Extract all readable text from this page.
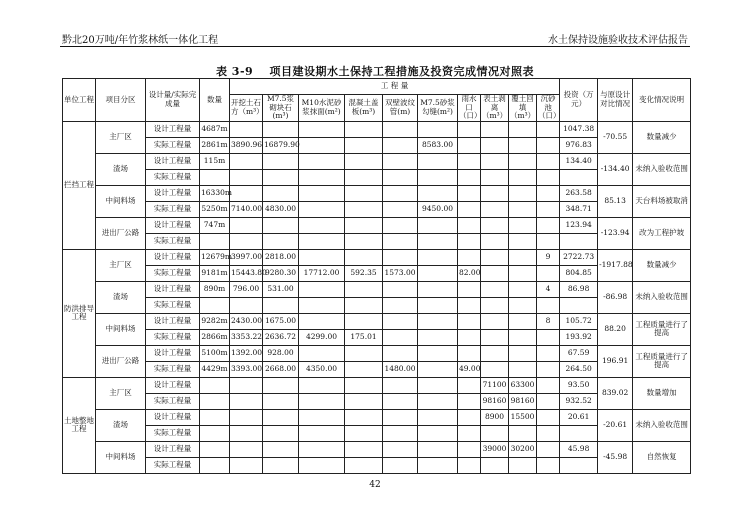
黔北20万吨/年竹浆林纸一体化工程	水土保持设施验收技术评估报告
表 3-9 项目建设期水土保持工程措施及投资完成情况对照表
单位工程	项目分区	设计量/实际完成量	数量	工 程 量										投资（万元）	与原设计对比情况	变化情况说明
				开挖土石方（m³）	M7.5浆砌块石(m³)	M10水泥砂浆抹面(m²)	混凝土盖板(m³)	双壁波纹管(m)	M7.5砂浆勾缝(m²)	雨水口（口）	表土剥离（m³）	覆土回填（m³）	沉砂池（口）			
拦挡工程	主厂区	设计工程量	4687m											1047.38	-70.55	数量减少
		实际工程量	2861m	3890.96	16879.90				8583.00					976.83		
	渣场	设计工程量	115m											134.40	-134.40	未纳入验收范围
		实际工程量														
	中间料场	设计工程量	16330m											263.58	85.13	天台料场被取消
		实际工程量	5250m	7140.00	4830.00				9450.00					348.71		
	进出厂公路	设计工程量	747m											123.94	-123.94	改为工程护坡
		实际工程量														
防洪排导工程	主厂区	设计工程量	12679m	3997.00	2818.00								9	2722.73	-1917.88	数量减少
		实际工程量	9181m	15443.80	9280.30	17712.00	592.35	1573.00		82.00				804.85		
	渣场	设计工程量	890m	796.00	531.00								4	86.98	-86.98	未纳入验收范围
		实际工程量														
	中间料场	设计工程量	9282m	2430.00	1675.00								8	105.72	88.20	工程质量进行了提高
		实际工程量	2866m	3353.22	2636.72	4299.00	175.01							193.92		
	进出厂公路	设计工程量	5100m	1392.00	928.00									67.59	196.91	工程质量进行了提高
		实际工程量	4429m	3393.00	2668.00	4350.00		1480.00		49.00				264.50		
土地整地工程	主厂区	设计工程量									71100	63300		93.50	839.02	数量增加
		实际工程量									98160	98160		932.52		
	渣场	设计工程量									8900	15500		20.61	-20.61	未纳入验收范围
		实际工程量														
	中间料场	设计工程量									39000	30200		45.98	-45.98	自然恢复
		实际工程量														
42
